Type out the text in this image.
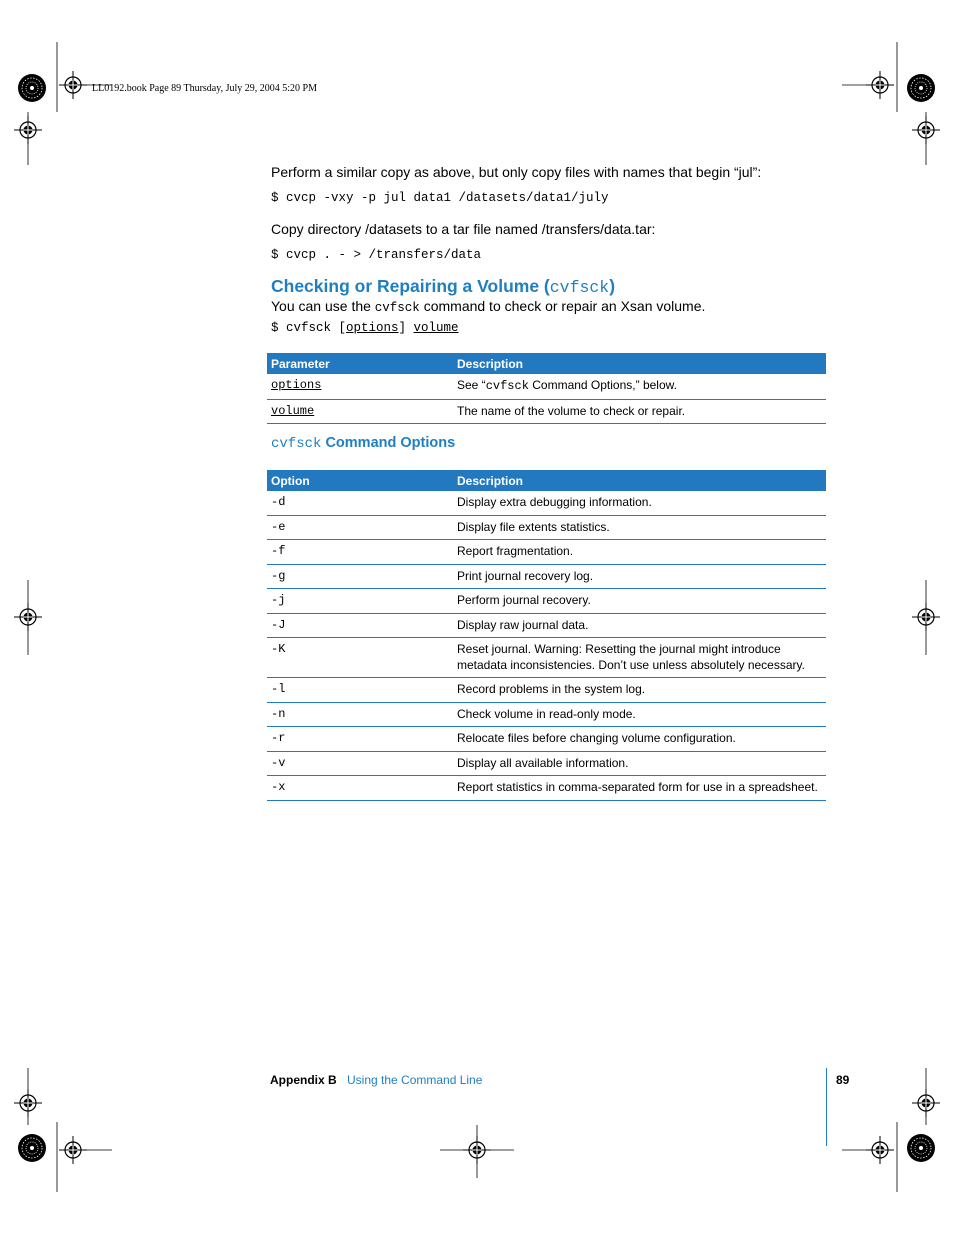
LL0192.book Page 89 Thursday, July 29, 2004 5:20 PM
Perform a similar copy as above, but only copy files with names that begin “jul”:
$ cvcp -vxy -p jul data1 /datasets/data1/july
Copy directory /datasets to a tar file named /transfers/data.tar:
$ cvcp . - > /transfers/data
Checking or Repairing a Volume (cvfsck)
You can use the cvfsck command to check or repair an Xsan volume.
$ cvfsck [options] volume
cvfsck Command Options
Parameter	Description
options	See “cvfsck Command Options,” below.
volume	The name of the volume to check or repair.
Option	Description
-d	Display extra debugging information.
-e	Display file extents statistics.
-f	Report fragmentation.
-g	Print journal recovery log.
-j	Perform journal recovery.
-J	Display raw journal data.
-K	Reset journal. Warning: Resetting the journal might introduce metadata inconsistencies. Don’t use unless absolutely necessary.
-l	Record problems in the system log.
-n	Check volume in read-only mode.
-r	Relocate files before changing volume configuration.
-v	Display all available information.
-x	Report statistics in comma-separated form for use in a spreadsheet.
Appendix B Using the Command Line	89
